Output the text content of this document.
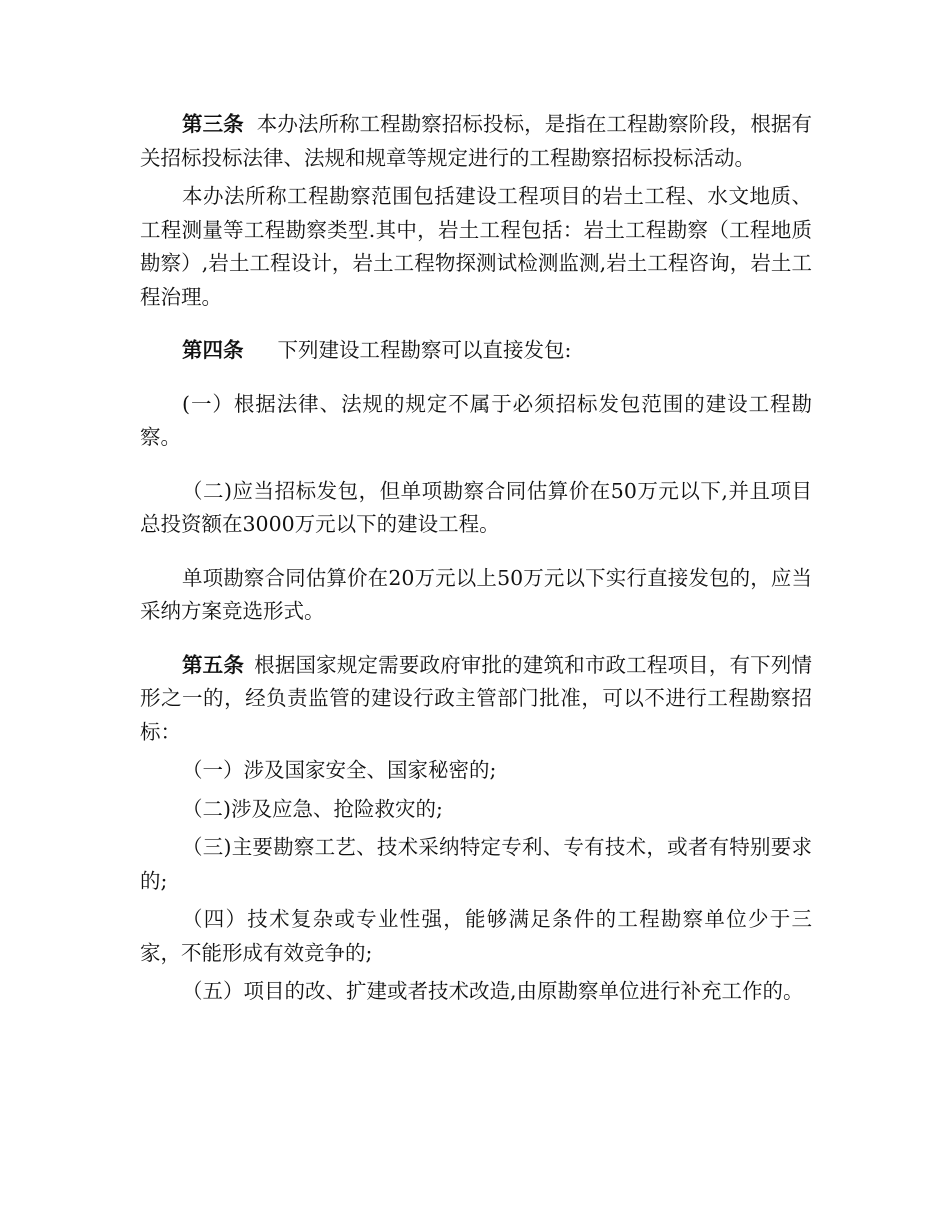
第三条 本办法所称工程勘察招标投标，是指在工程勘察阶段，根据有关招标投标法律、法规和规章等规定进行的工程勘察招标投标活动。

本办法所称工程勘察范围包括建设工程项目的岩土工程、水文地质、工程测量等工程勘察类型.其中，岩土工程包括：岩土工程勘察（工程地质勘察）,岩土工程设计，岩土工程物探测试检测监测,岩土工程咨询，岩土工程治理。

第四条 下列建设工程勘察可以直接发包:

(一）根据法律、法规的规定不属于必须招标发包范围的建设工程勘察。

（二)应当招标发包，但单项勘察合同估算价在50万元以下,并且项目总投资额在3000万元以下的建设工程。

单项勘察合同估算价在20万元以上50万元以下实行直接发包的，应当采纳方案竞选形式。

第五条 根据国家规定需要政府审批的建筑和市政工程项目，有下列情形之一的，经负责监管的建设行政主管部门批准，可以不进行工程勘察招标：

（一）涉及国家安全、国家秘密的;

（二)涉及应急、抢险救灾的;

（三)主要勘察工艺、技术采纳特定专利、专有技术，或者有特别要求的;

（四）技术复杂或专业性强，能够满足条件的工程勘察单位少于三家，不能形成有效竞争的;

（五）项目的改、扩建或者技术改造,由原勘察单位进行补充工作的。
